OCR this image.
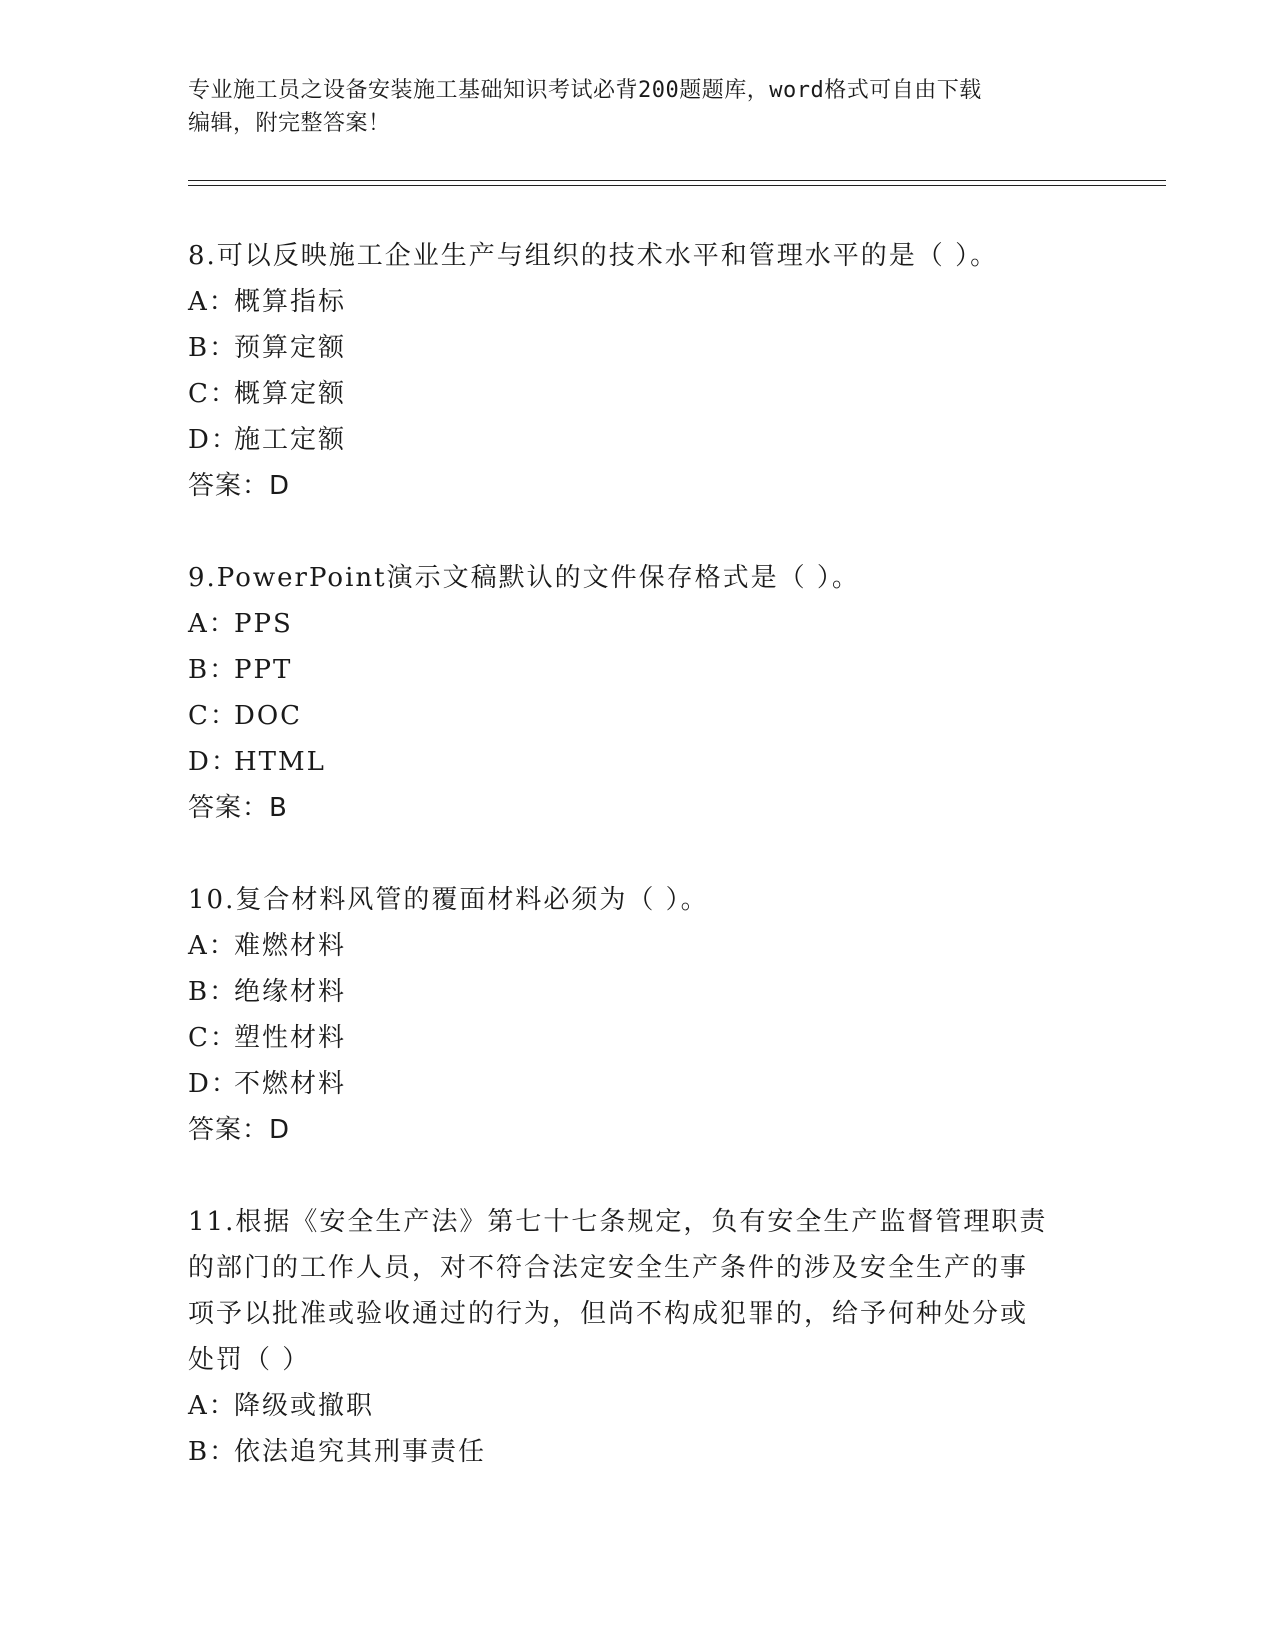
专业施工员之设备安装施工基础知识考试必背200题题库，word格式可自由下载
编辑，附完整答案！

8.可以反映施工企业生产与组织的技术水平和管理水平的是（ ）。

A：概算指标

B：预算定额

C：概算定额

D：施工定额

答案：D

9.PowerPoint演示文稿默认的文件保存格式是（ ）。

A：PPS

B：PPT

C：DOC

D：HTML

答案：B

10.复合材料风管的覆面材料必须为（ ）。

A：难燃材料

B：绝缘材料

C：塑性材料

D：不燃材料

答案：D

11.根据《安全生产法》第七十七条规定，负有安全生产监督管理职责

的部门的工作人员，对不符合法定安全生产条件的涉及安全生产的事

项予以批准或验收通过的行为，但尚不构成犯罪的，给予何种处分或

处罚（ ）

A：降级或撤职

B：依法追究其刑事责任
